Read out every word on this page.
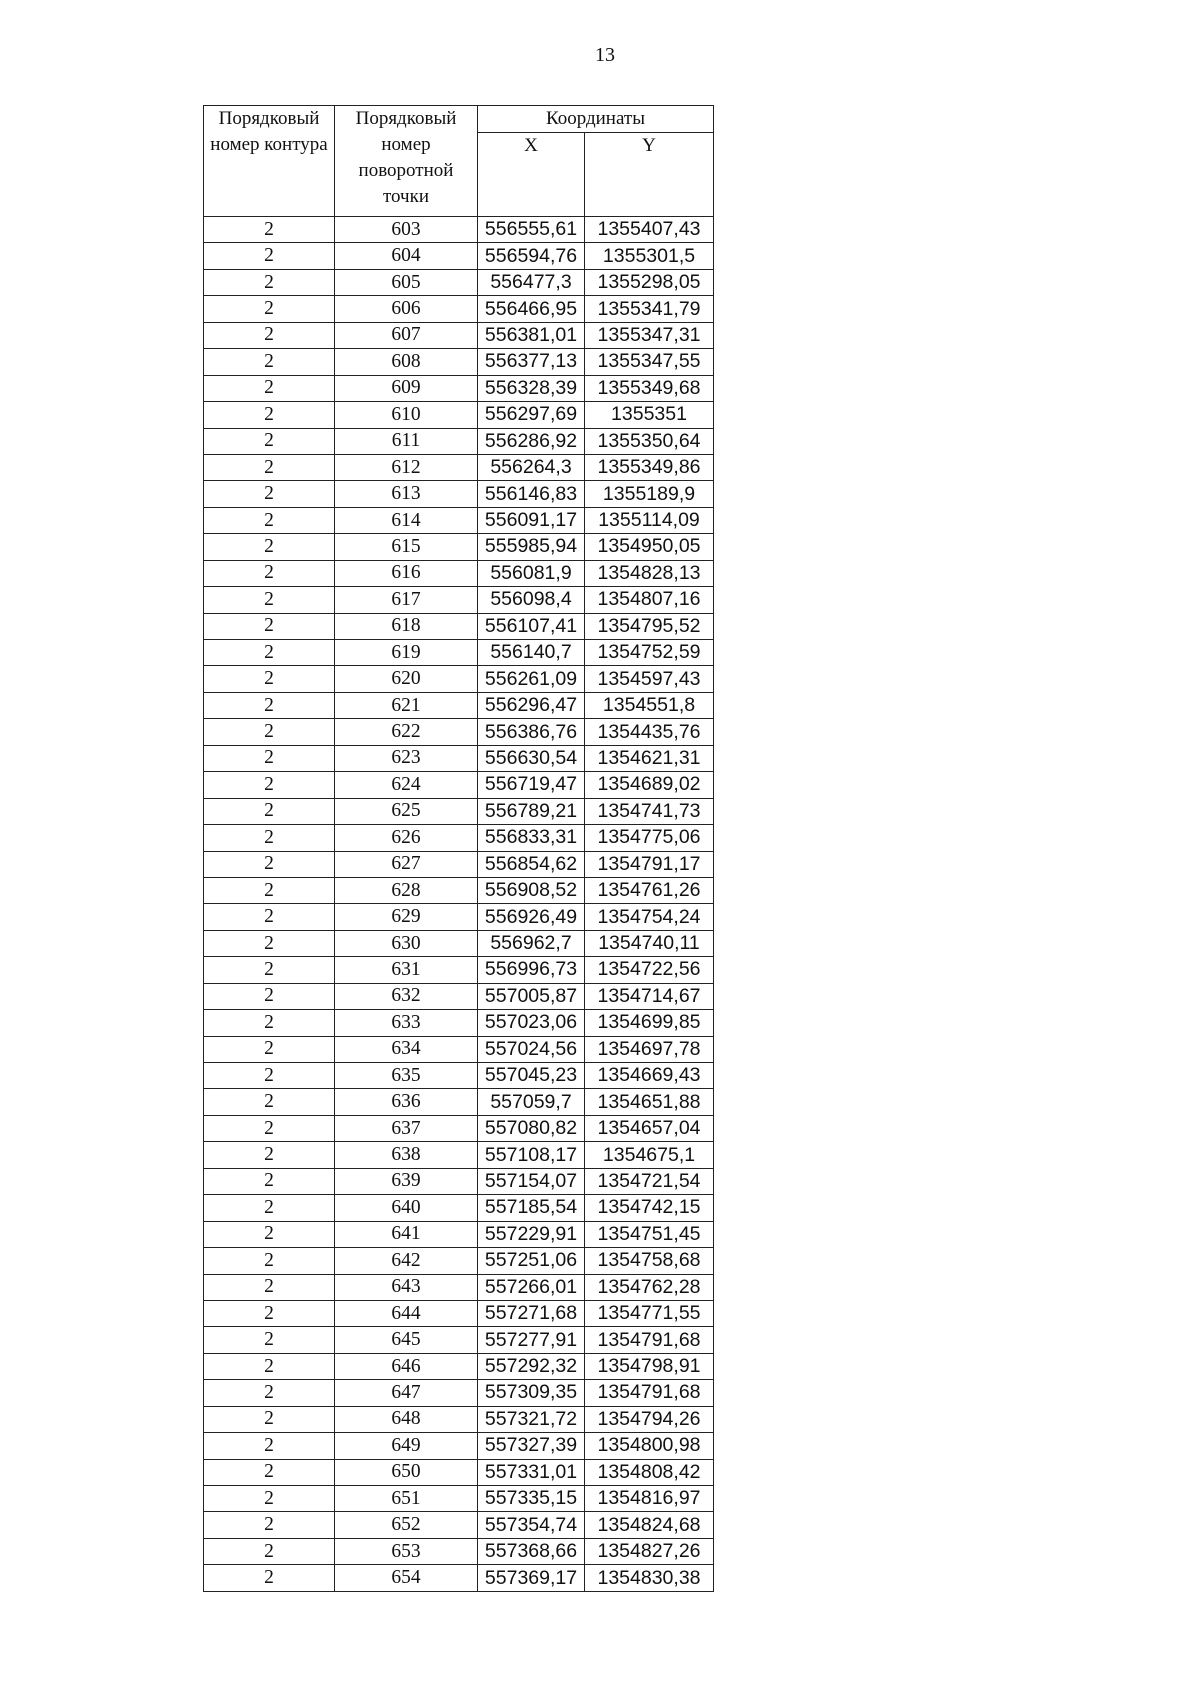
13
Порядковый номер контура	Порядковый номер поворотной точки	Координаты	
		X	Y
2	603	556555,61	1355407,43
2	604	556594,76	1355301,5
2	605	556477,3	1355298,05
2	606	556466,95	1355341,79
2	607	556381,01	1355347,31
2	608	556377,13	1355347,55
2	609	556328,39	1355349,68
2	610	556297,69	1355351
2	611	556286,92	1355350,64
2	612	556264,3	1355349,86
2	613	556146,83	1355189,9
2	614	556091,17	1355114,09
2	615	555985,94	1354950,05
2	616	556081,9	1354828,13
2	617	556098,4	1354807,16
2	618	556107,41	1354795,52
2	619	556140,7	1354752,59
2	620	556261,09	1354597,43
2	621	556296,47	1354551,8
2	622	556386,76	1354435,76
2	623	556630,54	1354621,31
2	624	556719,47	1354689,02
2	625	556789,21	1354741,73
2	626	556833,31	1354775,06
2	627	556854,62	1354791,17
2	628	556908,52	1354761,26
2	629	556926,49	1354754,24
2	630	556962,7	1354740,11
2	631	556996,73	1354722,56
2	632	557005,87	1354714,67
2	633	557023,06	1354699,85
2	634	557024,56	1354697,78
2	635	557045,23	1354669,43
2	636	557059,7	1354651,88
2	637	557080,82	1354657,04
2	638	557108,17	1354675,1
2	639	557154,07	1354721,54
2	640	557185,54	1354742,15
2	641	557229,91	1354751,45
2	642	557251,06	1354758,68
2	643	557266,01	1354762,28
2	644	557271,68	1354771,55
2	645	557277,91	1354791,68
2	646	557292,32	1354798,91
2	647	557309,35	1354791,68
2	648	557321,72	1354794,26
2	649	557327,39	1354800,98
2	650	557331,01	1354808,42
2	651	557335,15	1354816,97
2	652	557354,74	1354824,68
2	653	557368,66	1354827,26
2	654	557369,17	1354830,38
